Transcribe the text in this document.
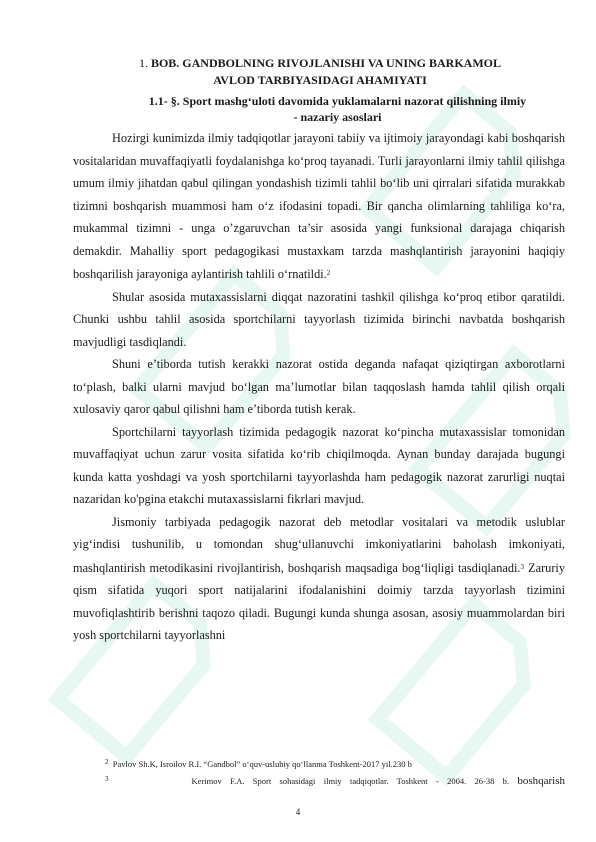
1. BOB. GANDBOLNING RIVOJLANISHI VA UNING BARKAMOL
AVLOD TARBIYASIDAGI AHAMIYATI
1.1- §. Sport mashg‘uloti davomida yuklamalarni nazorat qilishning ilmiy
- nazariy asoslari

Hozirgi kunimizda ilmiy tadqiqotlar jarayoni tabiiy va ijtimoiy jarayondagi kabi boshqarish vositalaridan muvaffaqiyatli foydalanishga ko‘proq tayanadi. Turli jarayonlarni ilmiy tahlil qilishga umum ilmiy jihatdan qabul qilingan yondashish tizimli tahlil bo‘lib uni qirralari sifatida murakkab tizimni boshqarish muammosi ham o‘z ifodasini topadi. Bir qancha olimlarning tahliliga ko‘ra, mukammal tizimni - unga o’zgaruvchan ta’sir asosida yangi funksional darajaga chiqarish demakdir. Mahalliy sport pedagogikasi mustaxkam tarzda mashqlantirish jarayonini haqiqiy boshqarilish jarayoniga aylantirish tahlili o‘rnatildi.$^2$

Shular asosida mutaxassislarni diqqat nazoratini tashkil qilishga ko‘proq etibor qaratildi. Chunki ushbu tahlil asosida sportchilarni tayyorlash tizimida birinchi navbatda boshqarish mavjudligi tasdiqlandi.

Shuni e’tiborda tutish kerakki nazorat ostida deganda nafaqat qiziqtirgan axborotlarni to‘plash, balki ularni mavjud bo‘lgan ma’lumotlar bilan taqqoslash hamda tahlil qilish orqali xulosaviy qaror qabul qilishni ham e’tiborda tutish kerak.

Sportchilarni tayyorlash tizimida pedagogik nazorat ko‘pincha mutaxassislar tomonidan muvaffaqiyat uchun zarur vosita sifatida ko‘rib chiqilmoqda. Aynan bunday darajada bugungi kunda katta yoshdagi va yosh sportchilarni tayyorlashda ham pedagogik nazorat zarurligi nuqtai nazaridan ko'pgina etakchi mutaxassislarni fikrlari mavjud.

Jismoniy tarbiyada pedagogik nazorat deb metodlar vositalari va metodik uslublar yig‘indisi tushunilib, u tomondan shug‘ullanuvchi imkoniyatlarini baholash imkoniyati, mashqlantirish metodikasini rivojlantirish, boshqarish maqsadiga bog‘liqligi tasdiqlanadi.$^3$ Zaruriy qism sifatida yuqori sport natijalarini ifodalanishini doimiy tarzda tayyorlash tizimini muvofiqlashtirib berishni taqozo qiladi. Bugungi kunda shunga asosan, asosiy muammolardan biri yosh sportchilarni tayyorlashni

$^2$ Pavlov Sh.K, Isroilov R.I. “Gandbol” o‘quv-uslubiy qo‘llanma Toshkent-2017 yil.230 b

$^3$	Kerimov F.A. Sport sohasidagi ilmiy tadqiqotlar. Toshkent - 2004. 26-38 b. boshqarish

4
